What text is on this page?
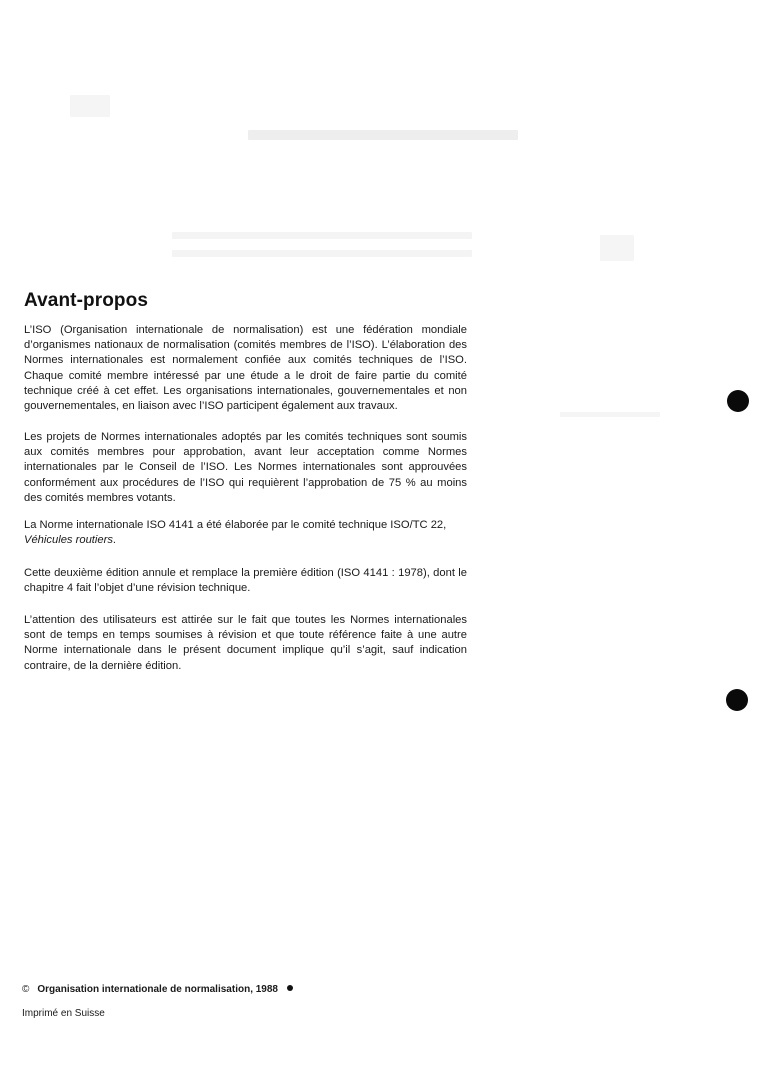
Avant-propos

L’ISO (Organisation internationale de normalisation) est une fédération mondiale d’organismes nationaux de normalisation (comités membres de l’ISO). L’élaboration des Normes internationales est normalement confiée aux comités techniques de l’ISO. Chaque comité membre intéressé par une étude a le droit de faire partie du comité technique créé à cet effet. Les organisations internationales, gouvernementales et non gouvernementales, en liaison avec l’ISO participent également aux travaux.

Les projets de Normes internationales adoptés par les comités techniques sont soumis aux comités membres pour approbation, avant leur acceptation comme Normes internationales par le Conseil de l’ISO. Les Normes internationales sont approuvées conformément aux procédures de l’ISO qui requièrent l’approbation de 75 % au moins des comités membres votants.

La Norme internationale ISO 4141 a été élaborée par le comité technique ISO/TC 22,
Véhicules routiers.

Cette deuxième édition annule et remplace la première édition (ISO 4141 : 1978), dont le chapitre 4 fait l’objet d’une révision technique.

L’attention des utilisateurs est attirée sur le fait que toutes les Normes internationales sont de temps en temps soumises à révision et que toute référence faite à une autre Norme internationale dans le présent document implique qu’il s’agit, sauf indication contraire, de la dernière édition.

© Organisation internationale de normalisation, 1988
Imprimé en Suisse
